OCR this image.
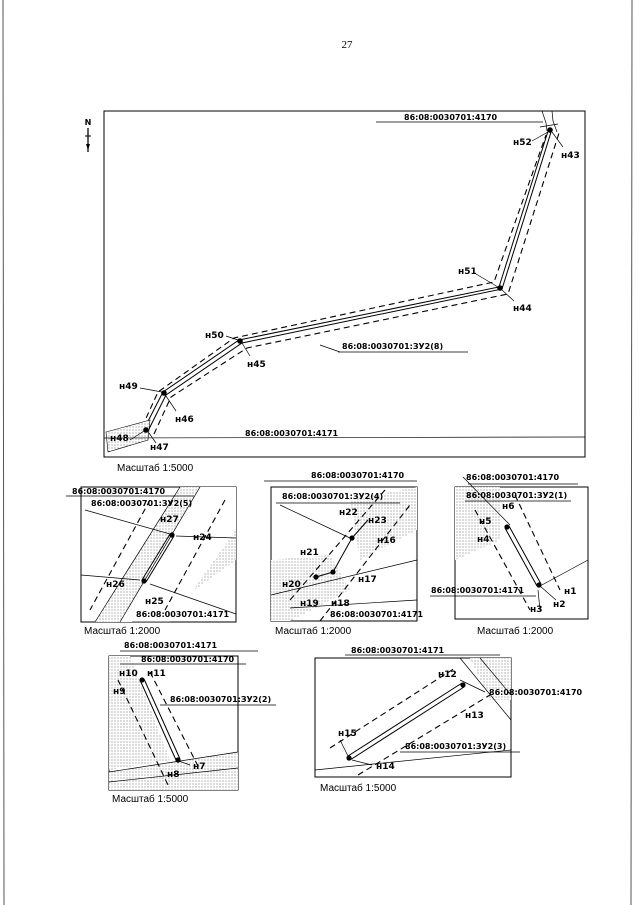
27
N
86:08:0030701:4170
н52
н43
н51
н44
н50
н45
86:08:0030701:ЗУ2(8)
н49
н46
н48
н47
86:08:0030701:4171
Масштаб 1:5000
86:08:0030701:4170
86:08:0030701:ЗУ2(5)
н27
н24
н26
н25
86:08:0030701:4171
Масштаб 1:2000
86:08:0030701:4170
86:08:0030701:ЗУ2(4)
н22
н23
н16
н21
н20	н17
н19 н18
86:08:0030701:4171
Масштаб 1:2000
86:08:0030701:4170
86:08:0030701:ЗУ2(1)
н6
н5
н4
н1
н2
н3
86:08:0030701:4171
Масштаб 1:2000
86:08:0030701:4171
86:08:0030701:4170
н10 н11
н9
86:08:0030701:ЗУ2(2)
н7
н8
Масштаб 1:5000
86:08:0030701:4171
н12
86:08:0030701:4170
н13
н15
86:08:0030701:ЗУ2(3)
н14
Масштаб 1:5000
